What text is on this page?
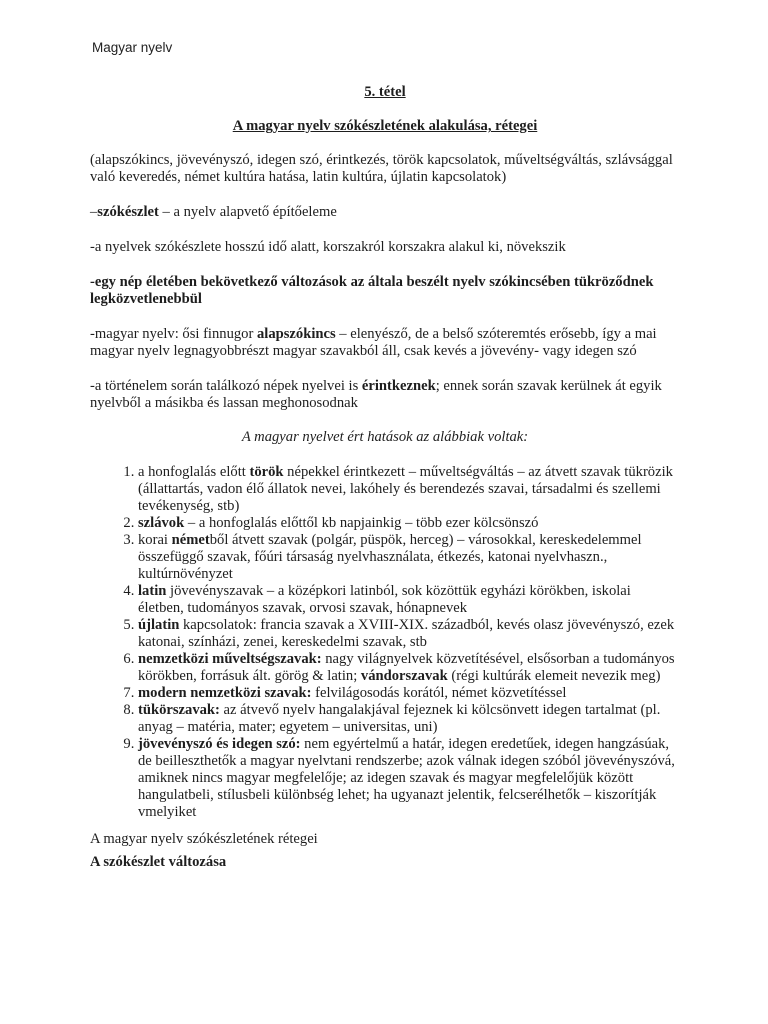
Magyar nyelv

5. tétel

A magyar nyelv szókészletének alakulása, rétegei

(alapszókincs, jövevényszó, idegen szó, érintkezés, török kapcsolatok, műveltségváltás, szlávsággal való keveredés, német kultúra hatása, latin kultúra, újlatin kapcsolatok)

–szókészlet – a nyelv alapvető építőeleme

-a nyelvek szókészlete hosszú idő alatt, korszakról korszakra alakul ki, növekszik

-egy nép életében bekövetkező változások az általa beszélt nyelv szókincsében tükröződnek legközvetlenebbül

-magyar nyelv: ősi finnugor alapszókincs – elenyésző, de a belső szóteremtés erősebb, így a mai magyar nyelv legnagyobbrészt magyar szavakból áll, csak kevés a jövevény- vagy idegen szó

-a történelem során találkozó népek nyelvei is érintkeznek; ennek során szavak kerülnek át egyik nyelvből a másikba és lassan meghonosodnak

A magyar nyelvet ért hatások az alábbiak voltak:

1. a honfoglalás előtt török népekkel érintkezett – műveltségváltás – az átvett szavak tükrözik (állattartás, vadon élő állatok nevei, lakóhely és berendezés szavai, társadalmi és szellemi tevékenység, stb)
2. szlávok – a honfoglalás előttől kb napjainkig – több ezer kölcsönszó
3. korai németből átvett szavak (polgár, püspök, herceg) – városokkal, kereskedelemmel összefüggő szavak, főúri társaság nyelvhasználata, étkezés, katonai nyelvhaszn., kultúrnövényzet
4. latin jövevényszavak – a középkori latinból, sok közöttük egyházi körökben, iskolai életben, tudományos szavak, orvosi szavak, hónapnevek
5. újlatin kapcsolatok: francia szavak a XVIII-XIX. századból, kevés olasz jövevényszó, ezek katonai, színházi, zenei, kereskedelmi szavak, stb
6. nemzetközi műveltségszavak: nagy világnyelvek közvetítésével, elsősorban a tudományos körökben, forrásuk ált. görög & latin; vándorszavak (régi kultúrák elemeit nevezik meg)
7. modern nemzetközi szavak: felvilágosodás korától, német közvetítéssel
8. tükörszavak: az átvevő nyelv hangalakjával fejeznek ki kölcsönvett idegen tartalmat (pl. anyag – matéria, mater; egyetem – universitas, uni)
9. jövevényszó és idegen szó: nem egyértelmű a határ, idegen eredetűek, idegen hangzásúak, de beilleszthetők a magyar nyelvtani rendszerbe; azok válnak idegen szóból jövevényszóvá, amiknek nincs magyar megfelelője; az idegen szavak és magyar megfelelőjük között hangulatbeli, stílusbeli különbség lehet; ha ugyanazt jelentik, felcserélhetők – kiszorítják vmelyiket

A magyar nyelv szókészletének rétegei

A szókészlet változása
